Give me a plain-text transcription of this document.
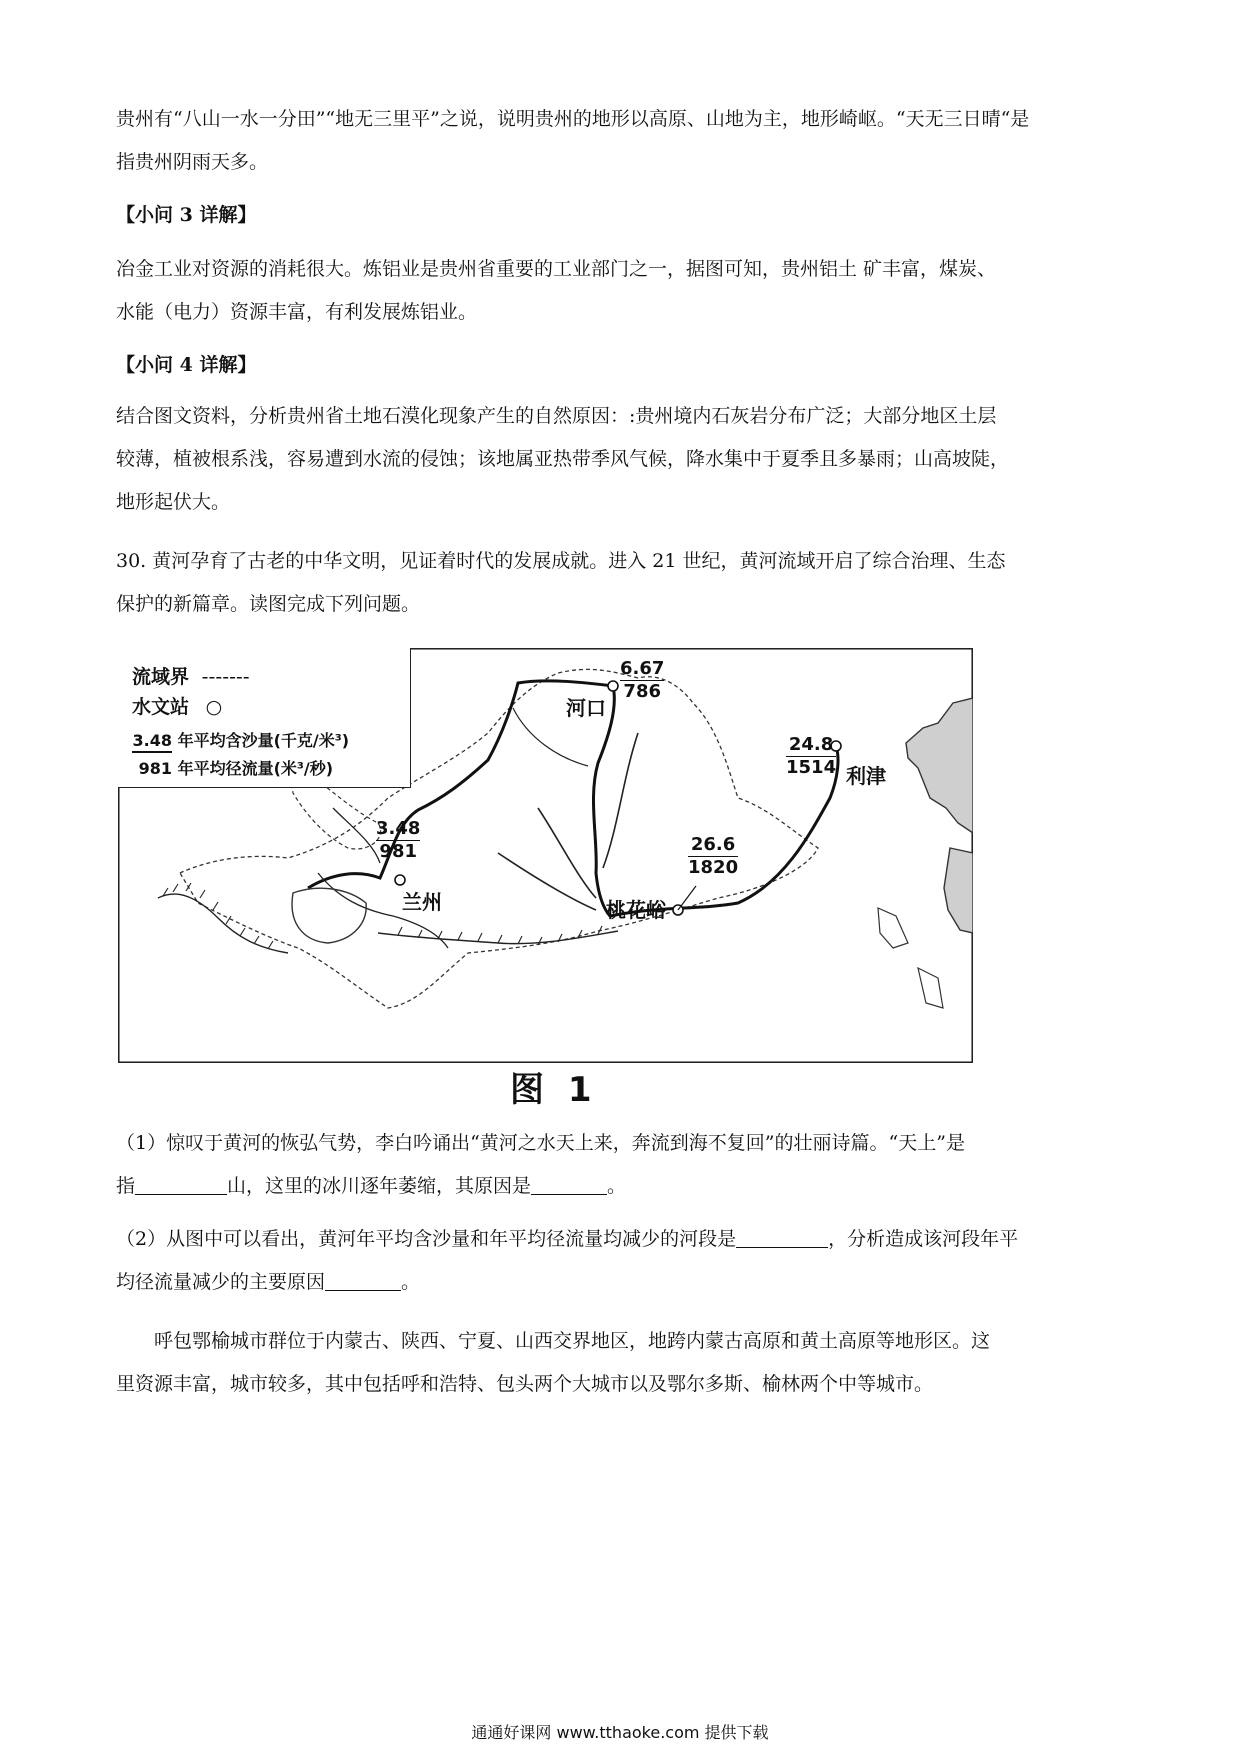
贵州有“八山一水一分田”“地无三里平”之说，说明贵州的地形以高原、山地为主，地形崎岖。“天无三日晴“是
指贵州阴雨天多。
【小问 3 详解】
冶金工业对资源的消耗很大。炼铝业是贵州省重要的工业部门之一，据图可知，贵州铝土 矿丰富，煤炭、
水能（电力）资源丰富，有利发展炼铝业。
【小问 4 详解】
结合图文资料，分析贵州省土地石漠化现象产生的自然原因：:贵州境内石灰岩分布广泛；大部分地区土层
较薄，植被根系浅，容易遭到水流的侵蚀；该地属亚热带季风气候，降水集中于夏季且多暴雨；山高坡陡，
地形起伏大。
30. 黄河孕育了古老的中华文明，见证着时代的发展成就。进入 21 世纪，黄河流域开启了综合治理、生态
保护的新篇章。读图完成下列问题。
流域界 -------
水文站 ○
3.48 年平均含沙量(千克/米³)
981 年平均径流量(米³/秒)
3.48
981
兰州
6.67
786
河口
26.6
1820
桃花峪
24.8
1514 利津
图 1
（1）惊叹于黄河的恢弘气势，李白吟诵出“黄河之水天上来，奔流到海不复回”的壮丽诗篇。“天上”是
指	山，这里的冰川逐年萎缩，其原因是	。
（2）从图中可以看出，黄河年平均含沙量和年平均径流量均减少的河段是	，分析造成该河段年平
均径流量减少的主要原因	。
呼包鄂榆城市群位于内蒙古、陕西、宁夏、山西交界地区，地跨内蒙古高原和黄土高原等地形区。这
里资源丰富，城市较多，其中包括呼和浩特、包头两个大城市以及鄂尔多斯、榆林两个中等城市。
通通好课网 www.tthaoke.com 提供下载
